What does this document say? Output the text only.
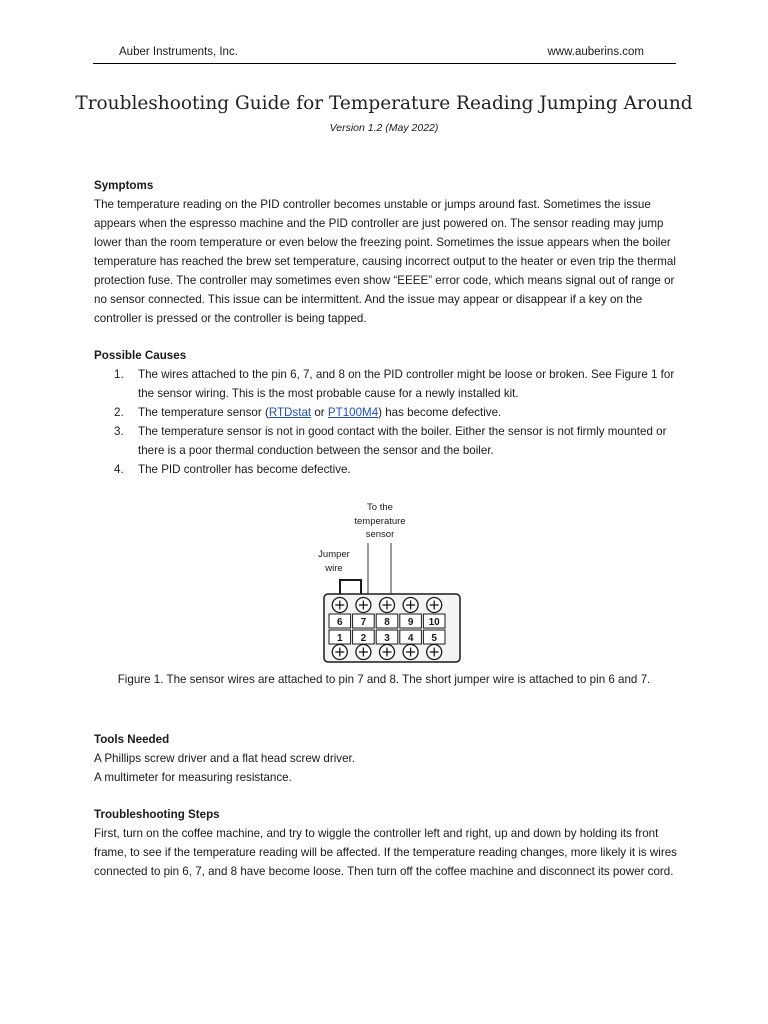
Auber Instruments, Inc.	www.auberins.com
Troubleshooting Guide for Temperature Reading Jumping Around
Version 1.2 (May 2022)
Symptoms

The temperature reading on the PID controller becomes unstable or jumps around fast. Sometimes the issue appears when the espresso machine and the PID controller are just powered on. The sensor reading may jump lower than the room temperature or even below the freezing point. Sometimes the issue appears when the boiler temperature has reached the brew set temperature, causing incorrect output to the heater or even trip the thermal protection fuse. The controller may sometimes even show “EEEE” error code, which means signal out of range or no sensor connected. This issue can be intermittent. And the issue may appear or disappear if a key on the controller is pressed or the controller is being tapped.

Possible Causes
1.	The wires attached to the pin 6, 7, and 8 on the PID controller might be loose or broken. See Figure 1 for the sensor wiring. This is the most probable cause for a newly installed kit.
2.	The temperature sensor (RTDstat or PT100M4) has become defective.
3.	The temperature sensor is not in good contact with the boiler. Either the sensor is not firmly mounted or there is a poor thermal conduction between the sensor and the boiler.
4.	The PID controller has become defective.
To the
temperature
sensor
Jumper
wire
6
1
7
2
8
3
9
4
10
5
Figure 1. The sensor wires are attached to pin 7 and 8. The short jumper wire is attached to pin 6 and 7.
Tools Needed
A Phillips screw driver and a flat head screw driver.
A multimeter for measuring resistance.
Troubleshooting Steps

First, turn on the coffee machine, and try to wiggle the controller left and right, up and down by holding its front frame, to see if the temperature reading will be affected. If the temperature reading changes, more likely it is wires connected to pin 6, 7, and 8 have become loose. Then turn off the coffee machine and disconnect its power cord.
